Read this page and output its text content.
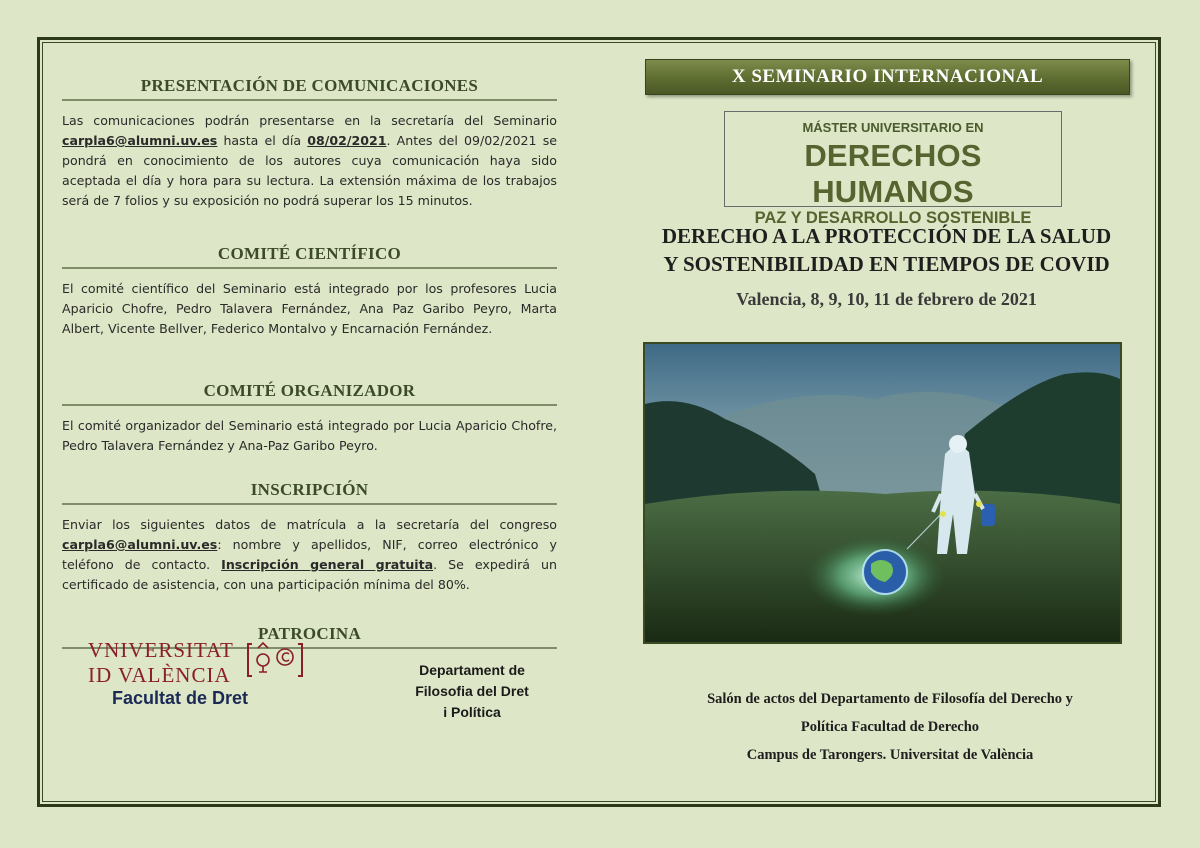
PRESENTACIÓN DE COMUNICACIONES

Las comunicaciones podrán presentarse en la secretaría del Seminario carpla6@alumni.uv.es hasta el día 08/02/2021. Antes del 09/02/2021 se pondrá en conocimiento de los autores cuya comunicación haya sido aceptada el día y hora para su lectura. La extensión máxima de los trabajos será de 7 folios y su exposición no podrá superar los 15 minutos.

COMITÉ CIENTÍFICO

El comité científico del Seminario está integrado por los profesores Lucia Aparicio Chofre, Pedro Talavera Fernández, Ana Paz Garibo Peyro, Marta Albert, Vicente Bellver, Federico Montalvo y Encarnación Fernández.

COMITÉ ORGANIZADOR

El comité organizador del Seminario está integrado por Lucia Aparicio Chofre, Pedro Talavera Fernández y Ana-Paz Garibo Peyro.

INSCRIPCIÓN

Enviar los siguientes datos de matrícula a la secretaría del congreso carpla6@alumni.uv.es: nombre y apellidos, NIF, correo electrónico y teléfono de contacto. Inscripción general gratuita. Se expedirá un certificado de asistencia, con una participación mínima del 80%.

PATROCINA
VNIVERSITAT
ID VALÈNCIA
Facultat de Dret
Departament de
Filosofia del Dret
i Política
X SEMINARIO INTERNACIONAL
MÁSTER UNIVERSITARIO EN
DERECHOS HUMANOS
PAZ Y DESARROLLO SOSTENIBLE
DERECHO A LA PROTECCIÓN DE LA SALUD
Y SOSTENIBILIDAD EN TIEMPOS DE COVID
Valencia, 8, 9, 10, 11 de febrero de 2021
Salón de actos del Departamento de Filosofía del Derecho y
Política Facultad de Derecho
Campus de Tarongers. Universitat de València
